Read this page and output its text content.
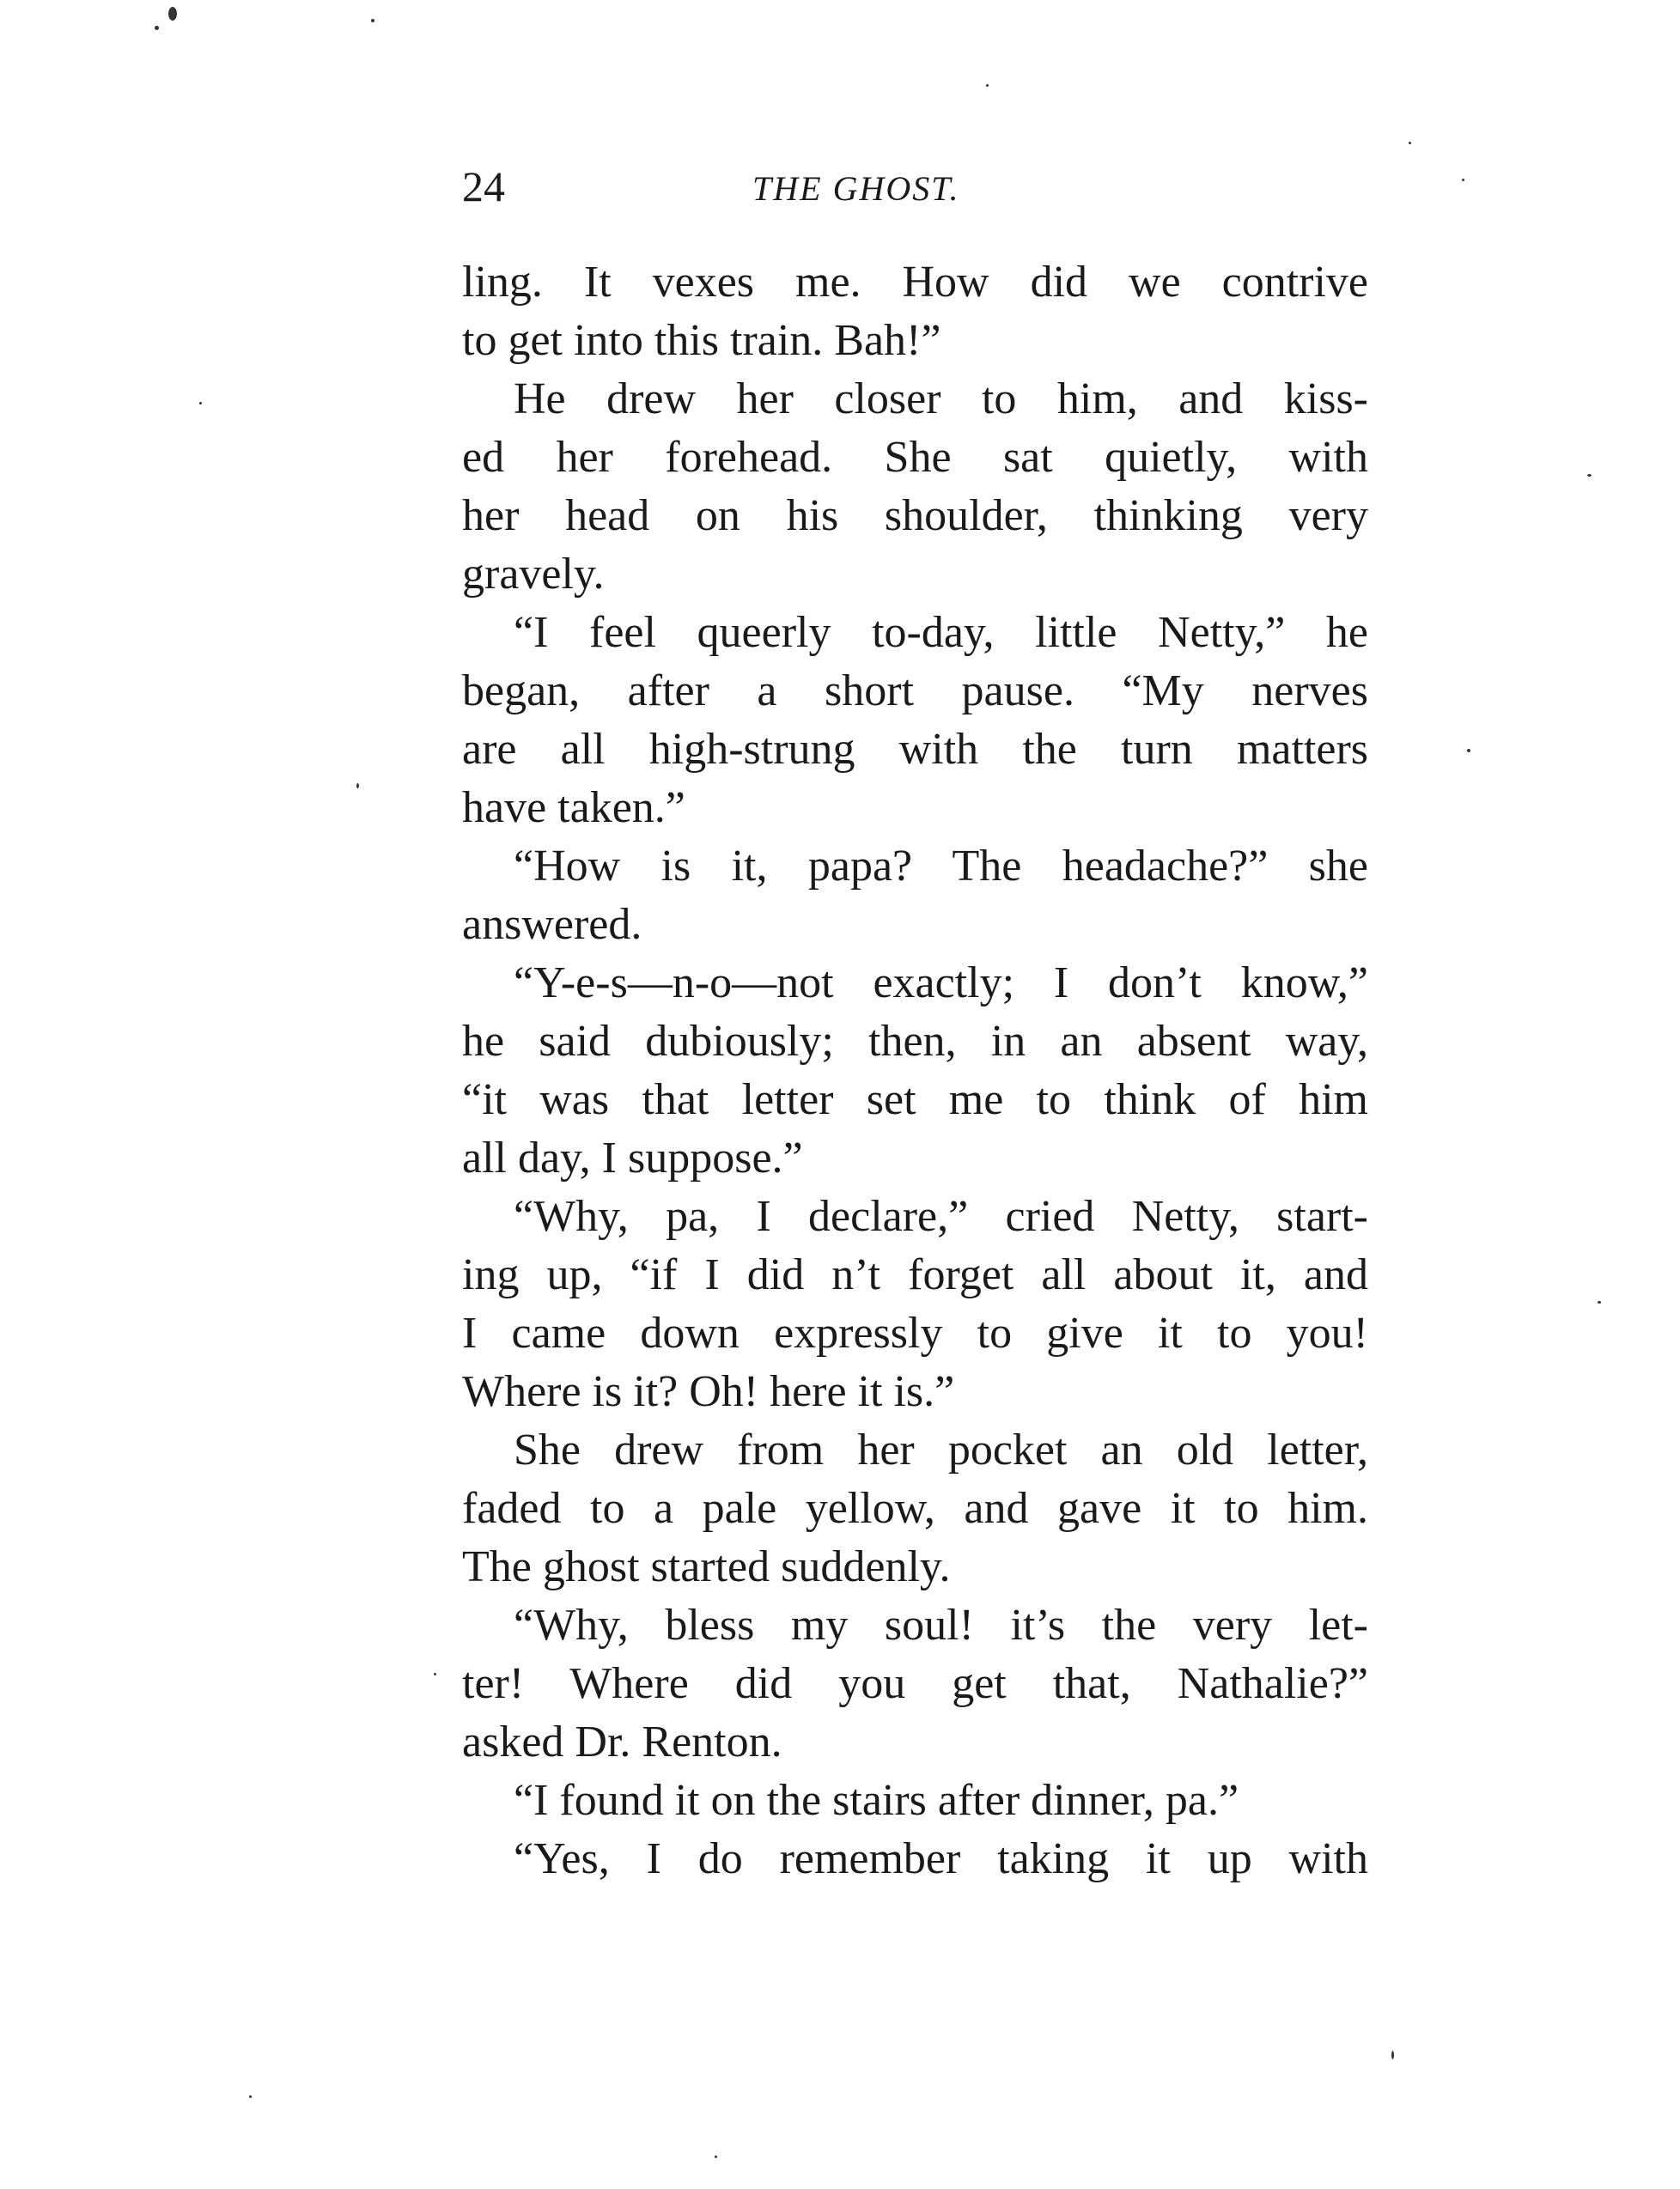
24	THE GHOST.
ling. It vexes me. How did we contrive
to get into this train. Bah!”
He drew her closer to him, and kiss-
ed her forehead. She sat quietly, with
her head on his shoulder, thinking very
gravely.
“I feel queerly to-day, little Netty,” he
began, after a short pause. “My nerves
are all high-strung with the turn matters
have taken.”
“How is it, papa? The headache?” she
answered.
“Y-e-s—n-o—not exactly; I don’t know,”
he said dubiously; then, in an absent way,
“it was that letter set me to think of him
all day, I suppose.”
“Why, pa, I declare,” cried Netty, start-
ing up, “if I did n’t forget all about it, and
I came down expressly to give it to you!
Where is it? Oh! here it is.”
She drew from her pocket an old letter,
faded to a pale yellow, and gave it to him.
The ghost started suddenly.
“Why, bless my soul! it’s the very let-
ter! Where did you get that, Nathalie?”
asked Dr. Renton.
“I found it on the stairs after dinner, pa.”
“Yes, I do remember taking it up with
